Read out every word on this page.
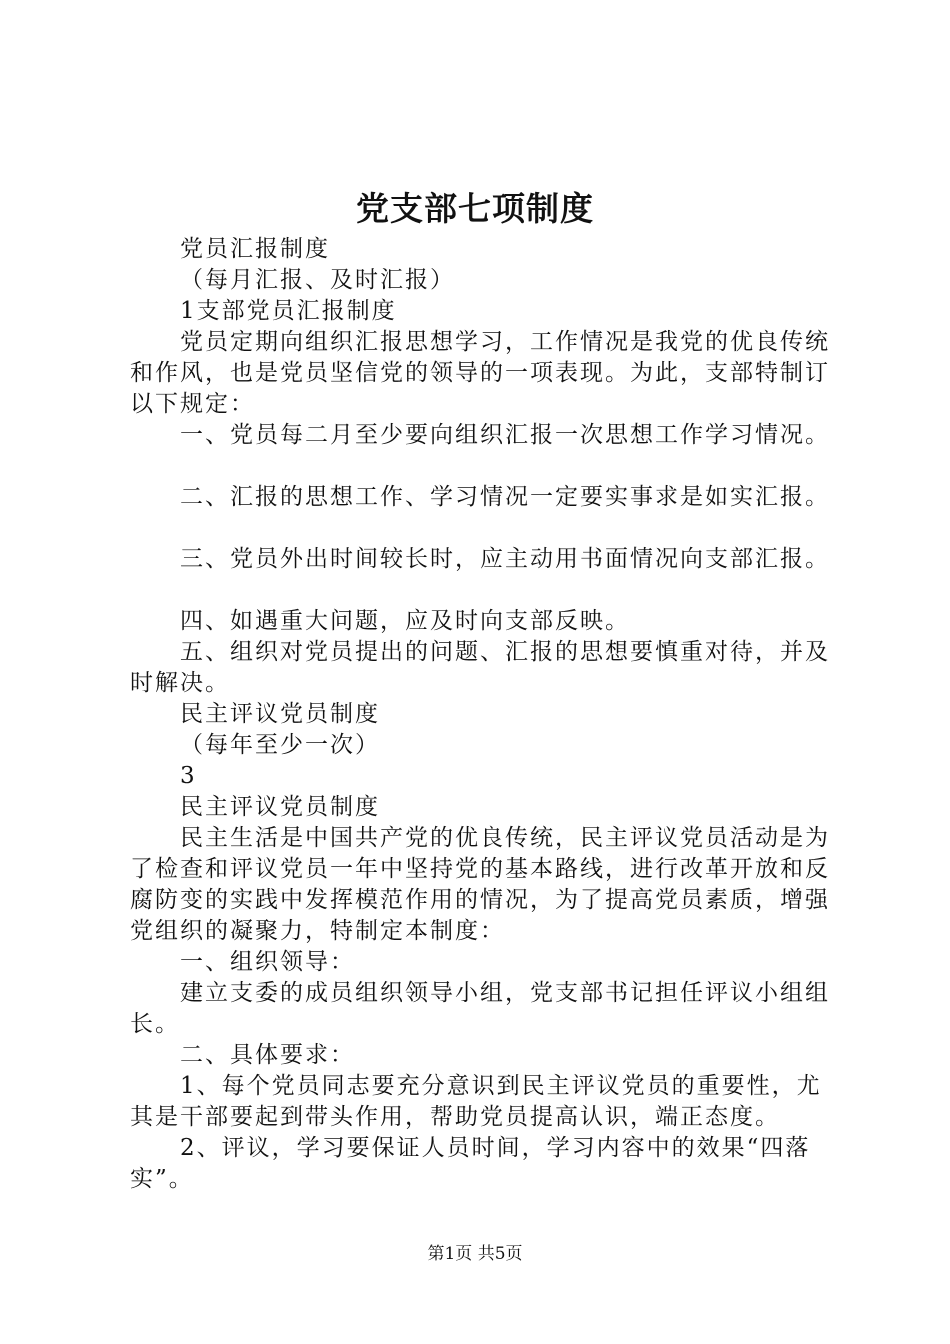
党支部七项制度

党员汇报制度

（每月汇报、及时汇报）

1支部党员汇报制度

党员定期向组织汇报思想学习，工作情况是我党的优良传统和作风，也是党员坚信党的领导的一项表现。为此，支部特制订以下规定：

一、党员每二月至少要向组织汇报一次思想工作学习情况。

二、汇报的思想工作、学习情况一定要实事求是如实汇报。

三、党员外出时间较长时，应主动用书面情况向支部汇报。

四、如遇重大问题，应及时向支部反映。

五、组织对党员提出的问题、汇报的思想要慎重对待，并及时解决。

民主评议党员制度

（每年至少一次）

3

民主评议党员制度

民主生活是中国共产党的优良传统，民主评议党员活动是为了检查和评议党员一年中坚持党的基本路线，进行改革开放和反腐防变的实践中发挥模范作用的情况，为了提高党员素质，增强党组织的凝聚力，特制定本制度：

一、组织领导：

建立支委的成员组织领导小组，党支部书记担任评议小组组长。

二、具体要求：

1、每个党员同志要充分意识到民主评议党员的重要性，尤其是干部要起到带头作用，帮助党员提高认识，端正态度。

2、评议，学习要保证人员时间，学习内容中的效果“四落实”。

第1页 共5页
